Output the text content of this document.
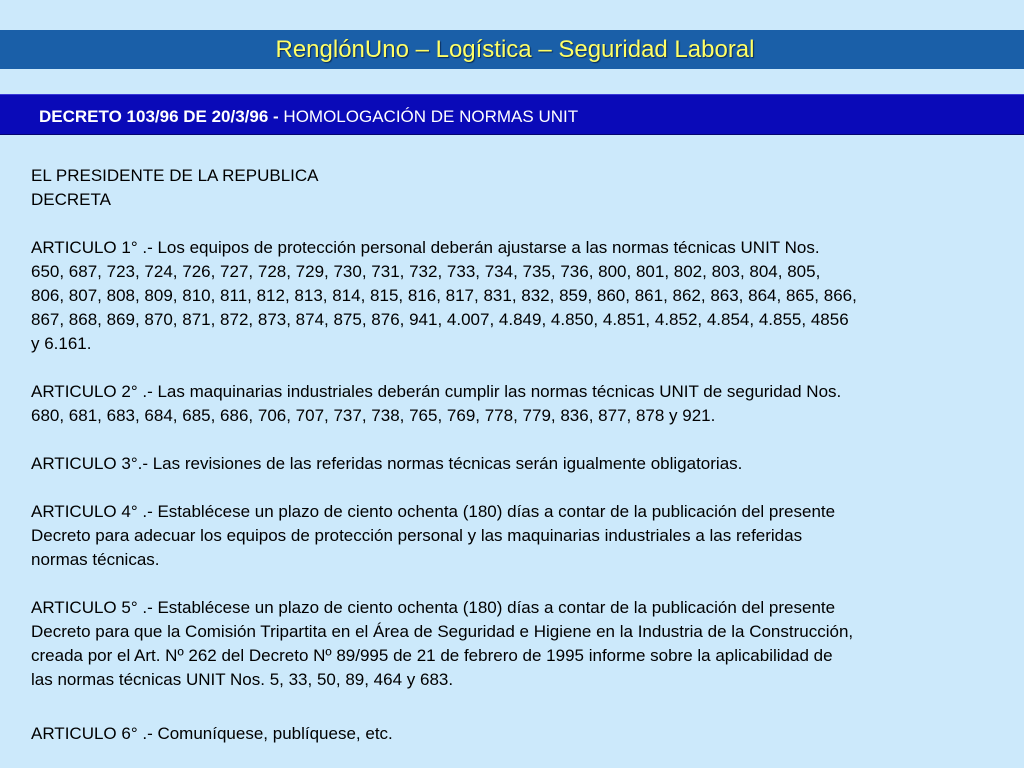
RenglónUno – Logística – Seguridad Laboral
DECRETO 103/96 DE 20/3/96 - HOMOLOGACIÓN DE NORMAS UNIT

EL PRESIDENTE DE LA REPUBLICA

DECRETA

ARTICULO 1° .- Los equipos de protección personal deberán ajustarse a las normas técnicas UNIT Nos.

650, 687, 723, 724, 726, 727, 728, 729, 730, 731, 732, 733, 734, 735, 736, 800, 801, 802, 803, 804, 805,

806, 807, 808, 809, 810, 811, 812, 813, 814, 815, 816, 817, 831, 832, 859, 860, 861, 862, 863, 864, 865, 866,

867, 868, 869, 870, 871, 872, 873, 874, 875, 876, 941, 4.007, 4.849, 4.850, 4.851, 4.852, 4.854, 4.855, 4856

y 6.161.

ARTICULO 2° .- Las maquinarias industriales deberán cumplir las normas técnicas UNIT de seguridad Nos.

680, 681, 683, 684, 685, 686, 706, 707, 737, 738, 765, 769, 778, 779, 836, 877, 878 y 921.

ARTICULO 3°.- Las revisiones de las referidas normas técnicas serán igualmente obligatorias.

ARTICULO 4° .- Establécese un plazo de ciento ochenta (180) días a contar de la publicación del presente

Decreto para adecuar los equipos de protección personal y las maquinarias industriales a las referidas

normas técnicas.

ARTICULO 5° .- Establécese un plazo de ciento ochenta (180) días a contar de la publicación del presente

Decreto para que la Comisión Tripartita en el Área de Seguridad e Higiene en la Industria de la Construcción,

creada por el Art. Nº 262 del Decreto Nº 89/995 de 21 de febrero de 1995 informe sobre la aplicabilidad de

las normas técnicas UNIT Nos. 5, 33, 50, 89, 464 y 683.

ARTICULO 6° .- Comuníquese, publíquese, etc.
